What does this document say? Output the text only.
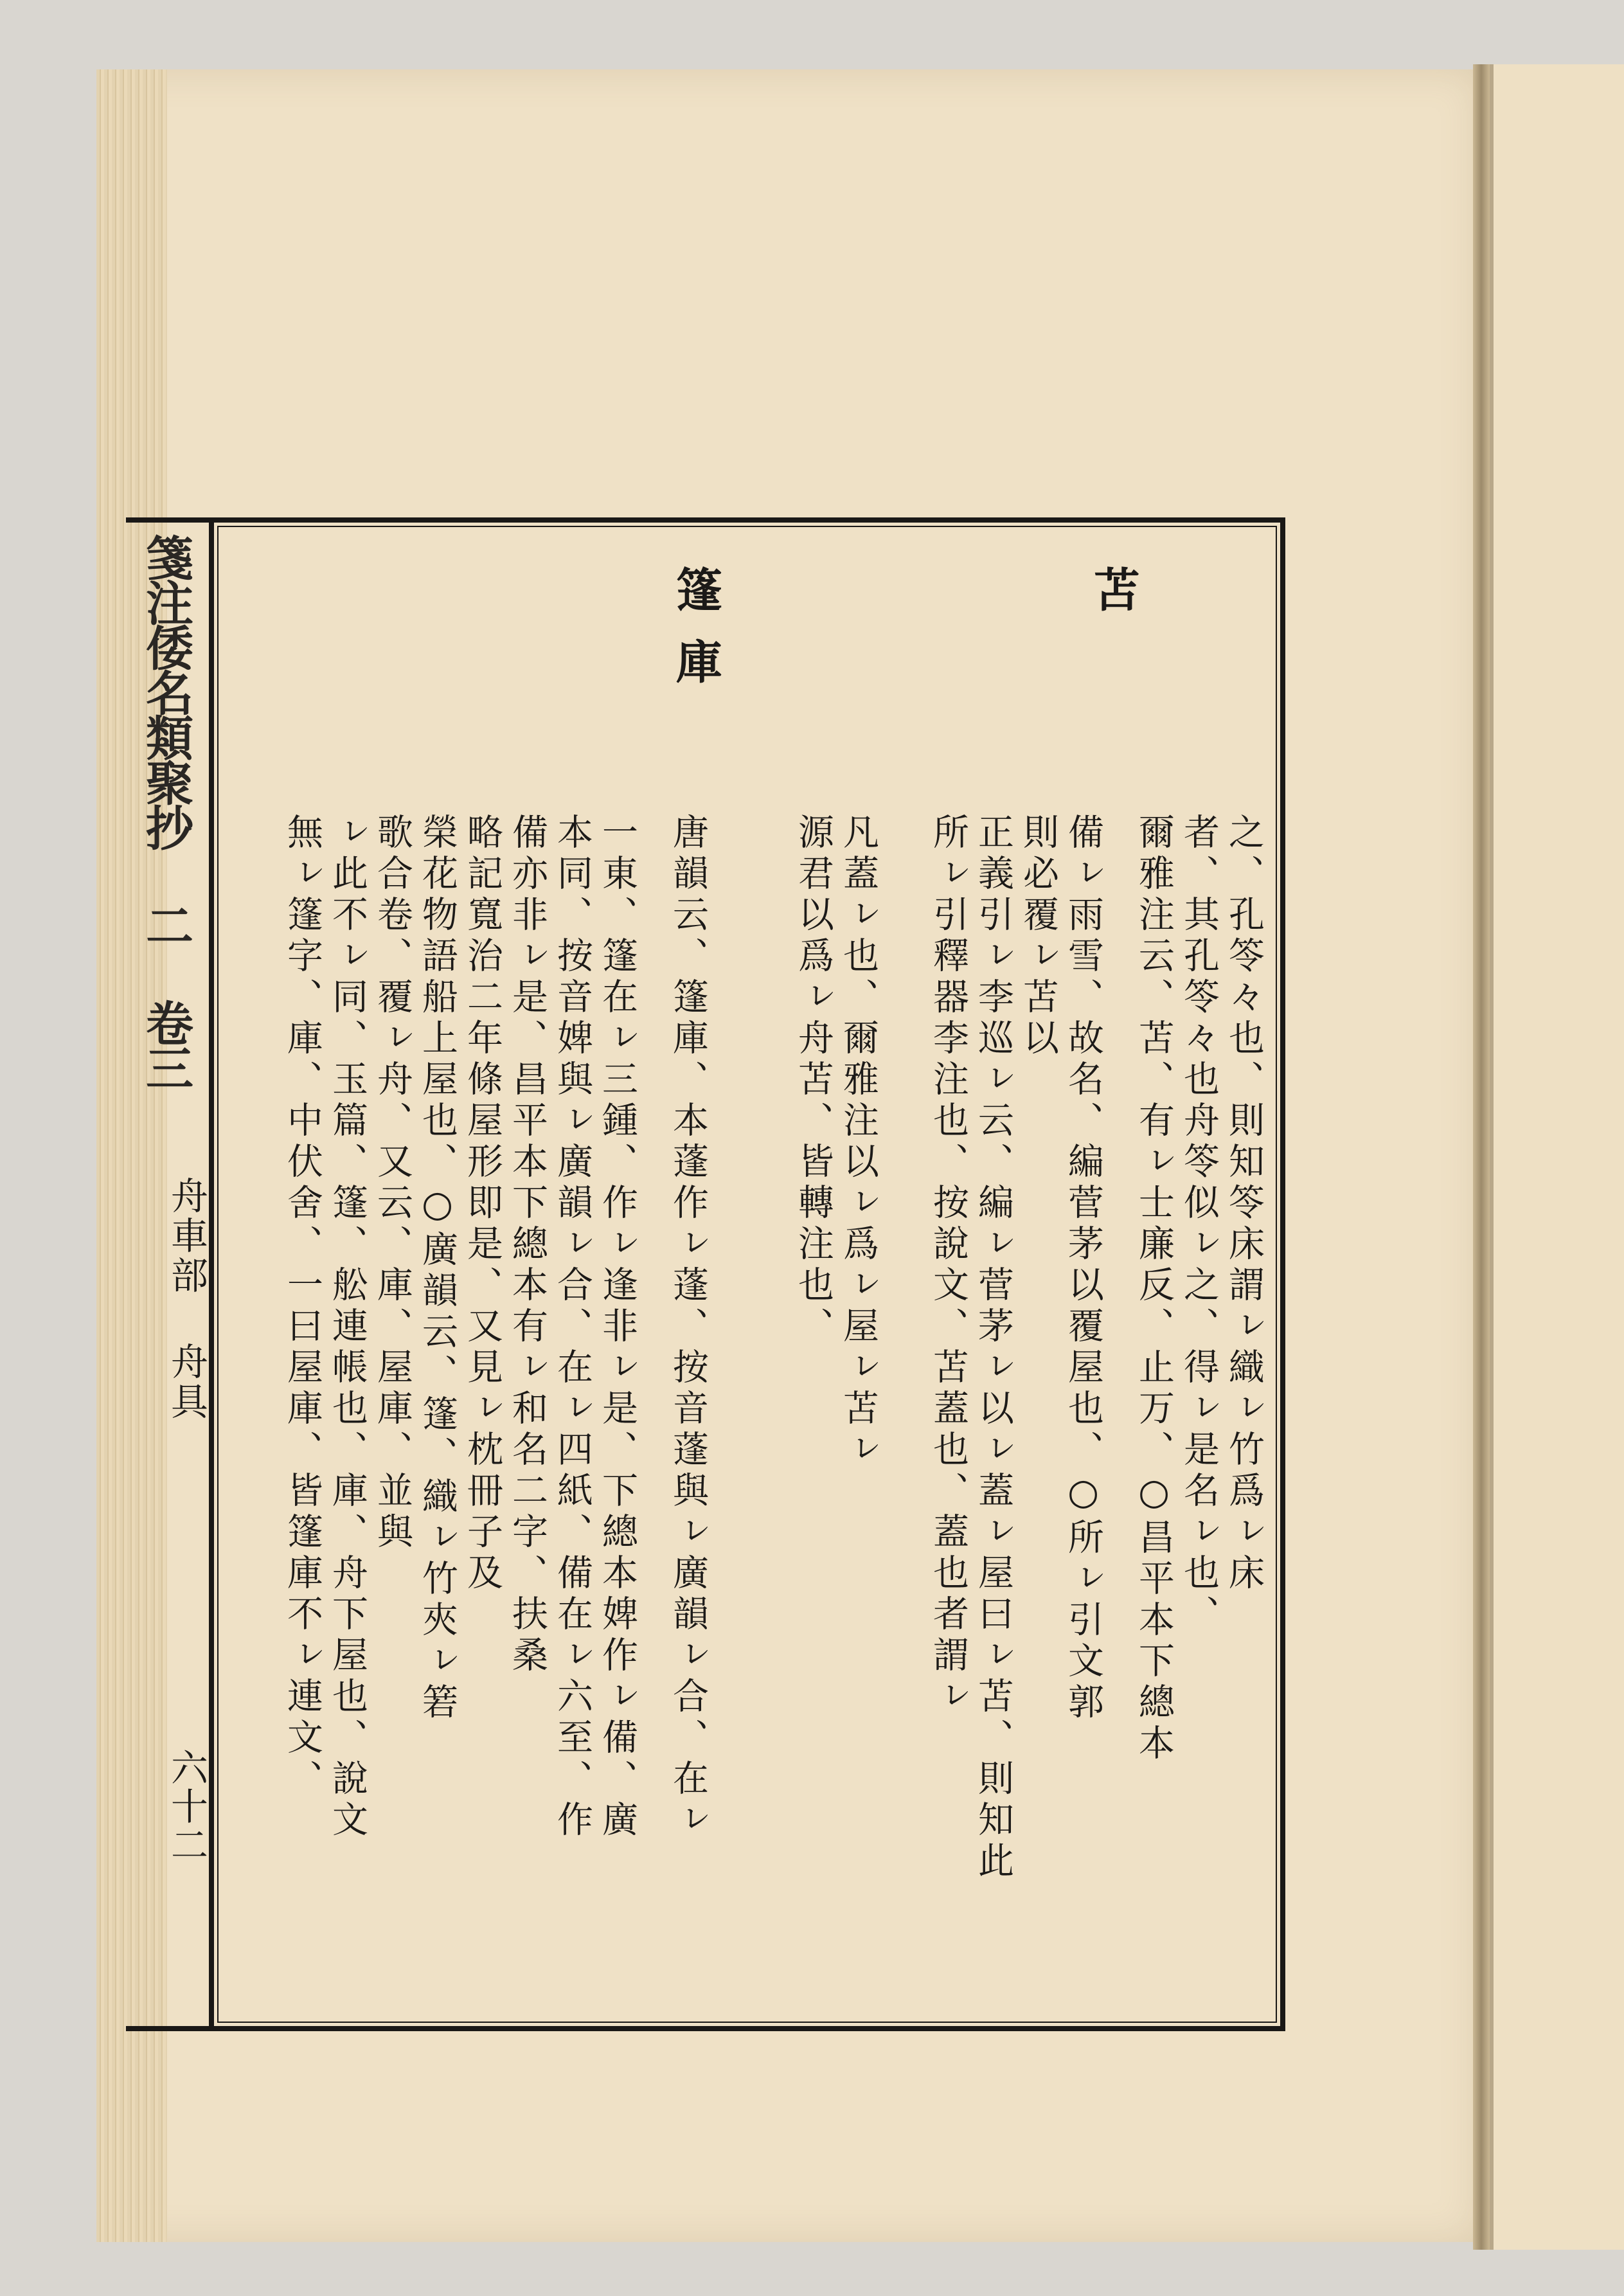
箋注倭名類聚抄 二 卷三
舟車部 舟具
六十二
苫
篷庫
之、孔笭々也、則知笭床謂ㇾ織ㇾ竹爲ㇾ床
者、其孔笭々也舟笭似ㇾ之、得ㇾ是名ㇾ也、
爾雅注云、苫、有ㇾ士廉反、止万、○昌平本下總本
備ㇾ雨雪、故名、編菅茅以覆屋也、○所ㇾ引文郭
則必覆ㇾ苫以
正義引ㇾ李巡ㇾ云、編ㇾ菅茅ㇾ以ㇾ蓋ㇾ屋曰ㇾ苫、則知此
所ㇾ引釋器李注也、按說文、苫蓋也、蓋也者謂ㇾ
凡蓋ㇾ也、爾雅注以ㇾ爲ㇾ屋ㇾ苫ㇾ
源君以爲ㇾ舟苫、皆轉注也、
唐韻云、篷庫、本蓬作ㇾ蓬、按音蓬與ㇾ廣韻ㇾ合、在ㇾ
一東、篷在ㇾ三鍾、作ㇾ逢非ㇾ是、下總本婢作ㇾ備、廣
本同、按音婢與ㇾ廣韻ㇾ合、在ㇾ四紙、備在ㇾ六至、作
備亦非ㇾ是、昌平本下總本有ㇾ和名二字、扶桑
略記寬治二年條屋形即是、又見ㇾ枕冊子及
榮花物語船上屋也、○廣韻云、篷、織ㇾ竹夾ㇾ箬
歌合卷、覆ㇾ舟、又云、庫、屋庫、並與
ㇾ此不ㇾ同、玉篇、篷、舩連帳也、庫、舟下屋也、說文
無ㇾ篷字、庫、中伏舍、一曰屋庫、皆篷庫不ㇾ連文、
